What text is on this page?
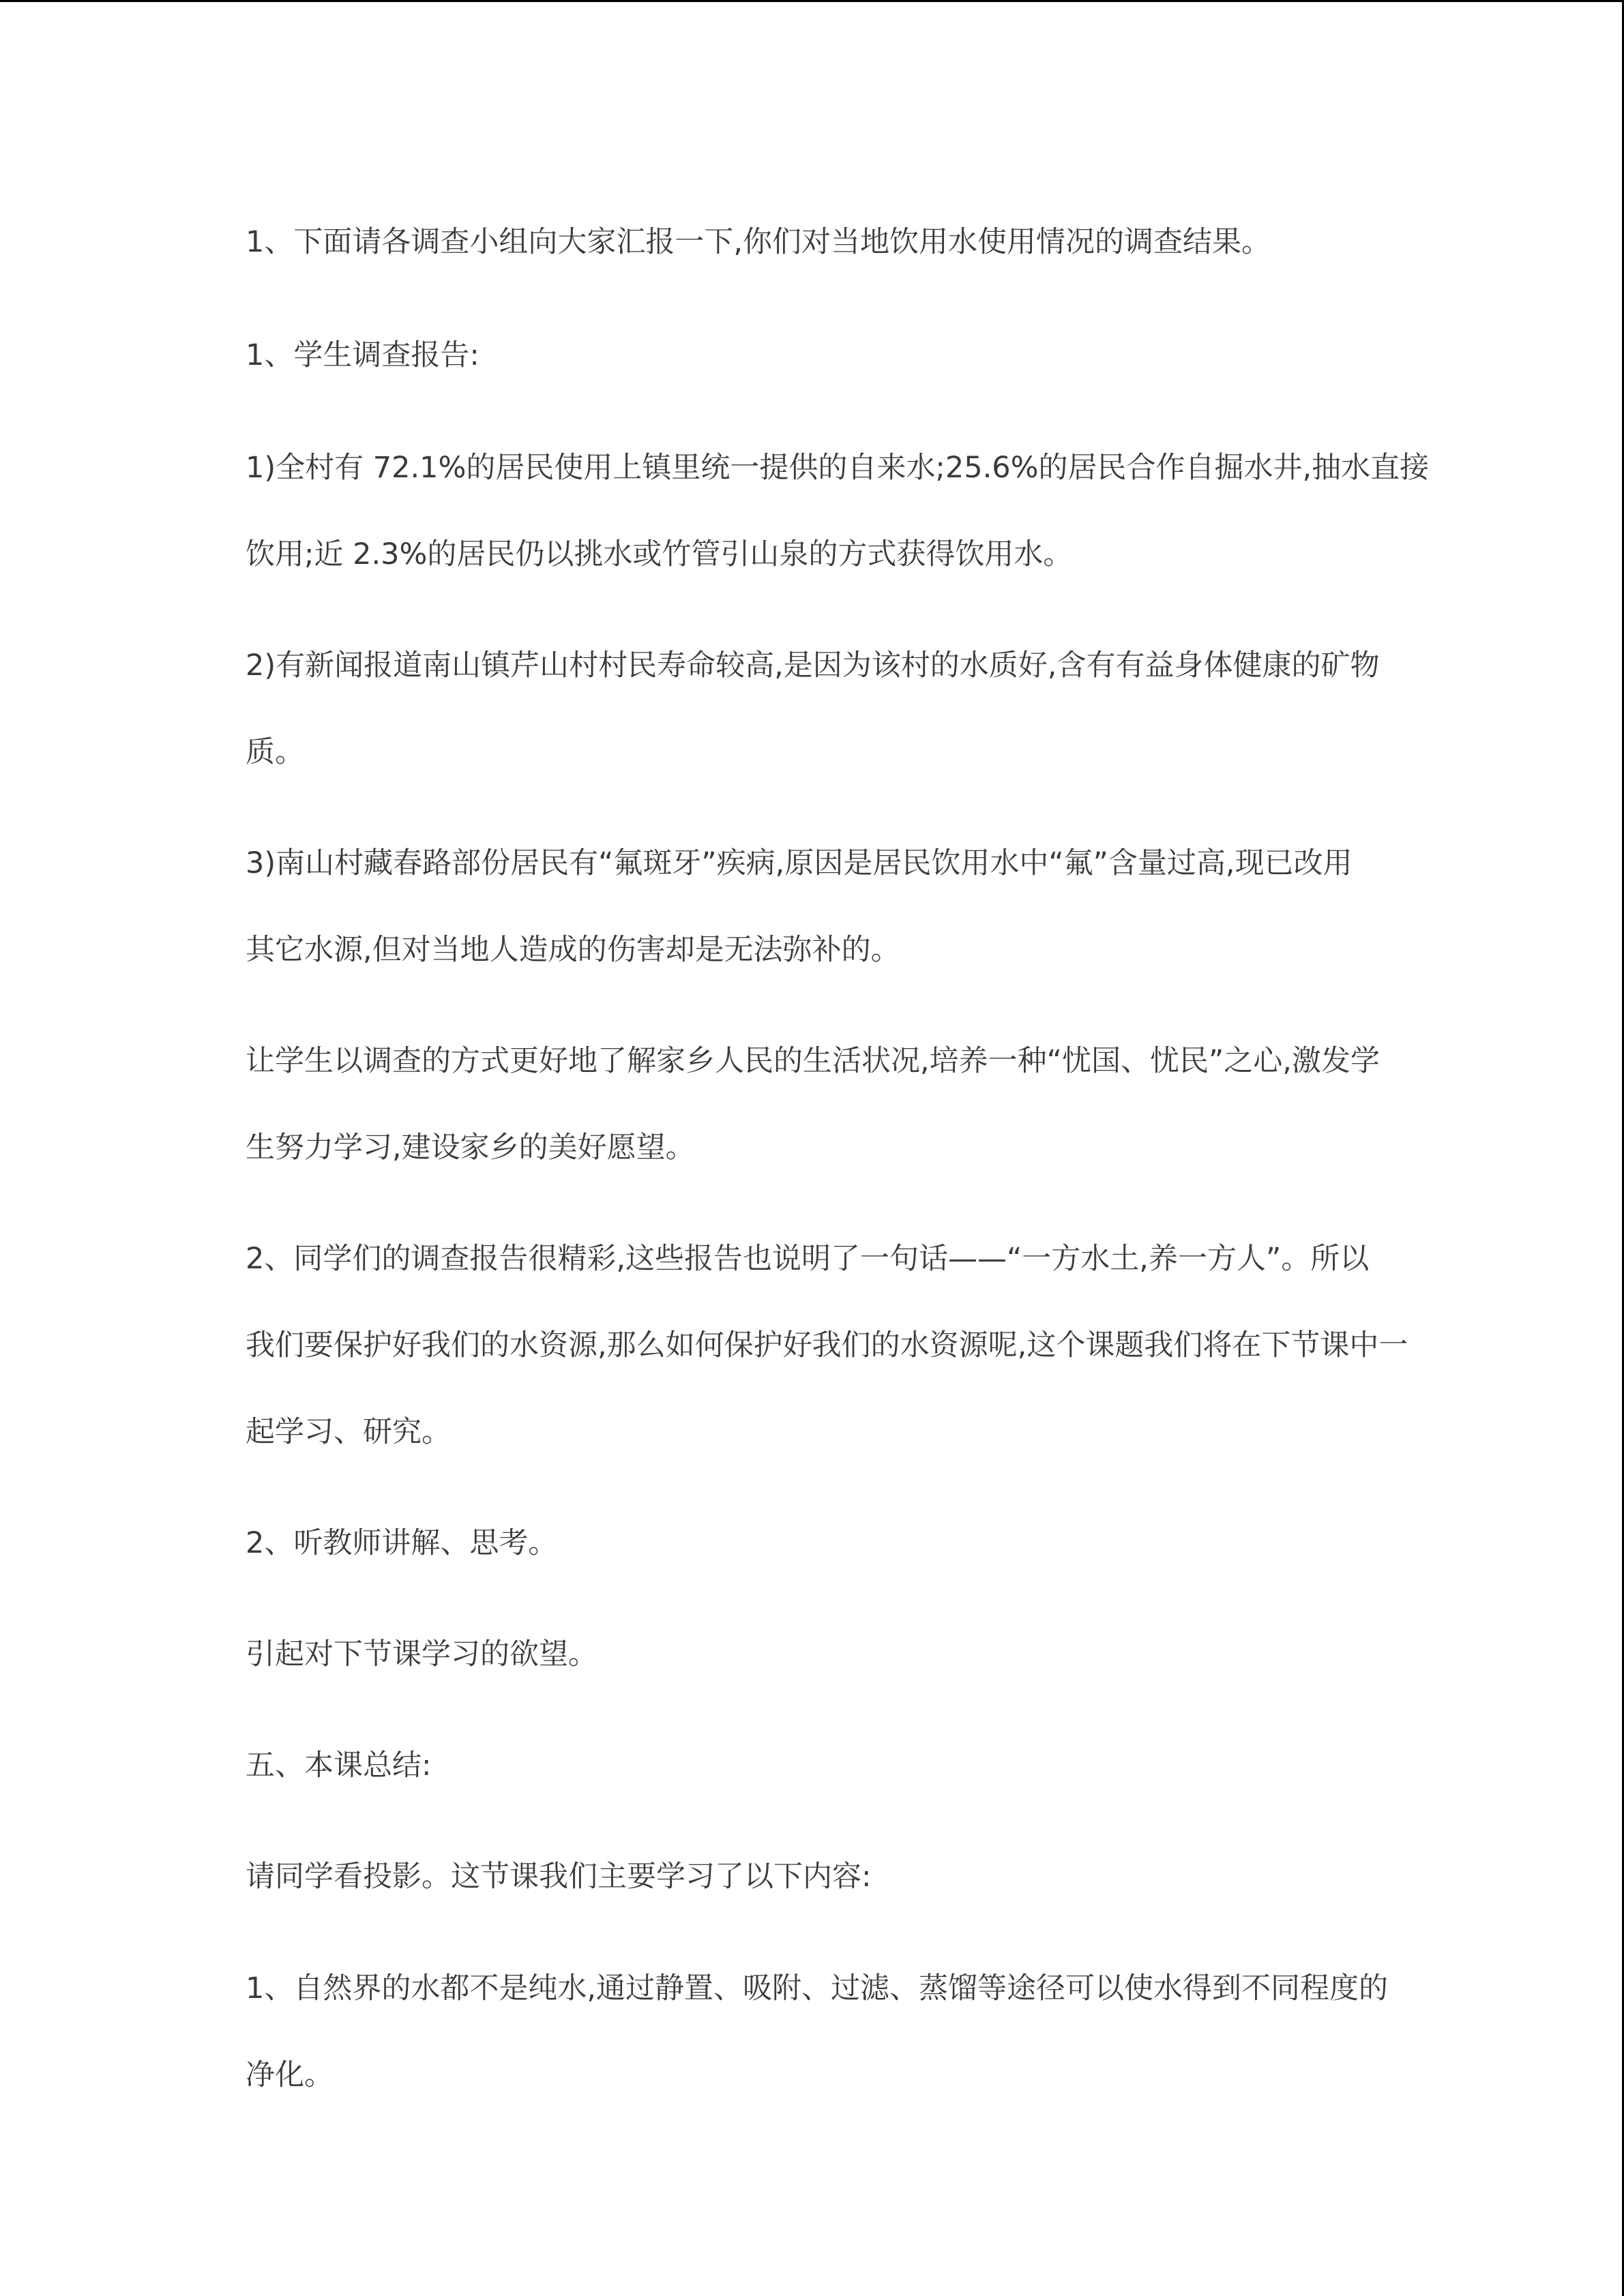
1、下面请各调查小组向大家汇报一下,你们对当地饮用水使用情况的调查结果。
1、学生调查报告:
1)全村有 72.1%的居民使用上镇里统一提供的自来水;25.6%的居民合作自掘水井,抽水直接
饮用;近 2.3%的居民仍以挑水或竹管引山泉的方式获得饮用水。
2)有新闻报道南山镇芹山村村民寿命较高,是因为该村的水质好,含有有益身体健康的矿物
质。
3)南山村藏春路部份居民有“氟斑牙”疾病,原因是居民饮用水中“氟”含量过高,现已改用
其它水源,但对当地人造成的伤害却是无法弥补的。
让学生以调查的方式更好地了解家乡人民的生活状况,培养一种“忧国、忧民”之心,激发学
生努力学习,建设家乡的美好愿望。
2、同学们的调查报告很精彩,这些报告也说明了一句话——“一方水土,养一方人”。所以
我们要保护好我们的水资源,那么如何保护好我们的水资源呢,这个课题我们将在下节课中一
起学习、研究。
2、听教师讲解、思考。
引起对下节课学习的欲望。
五、本课总结:
请同学看投影。这节课我们主要学习了以下内容:
1、自然界的水都不是纯水,通过静置、吸附、过滤、蒸馏等途径可以使水得到不同程度的
净化。
